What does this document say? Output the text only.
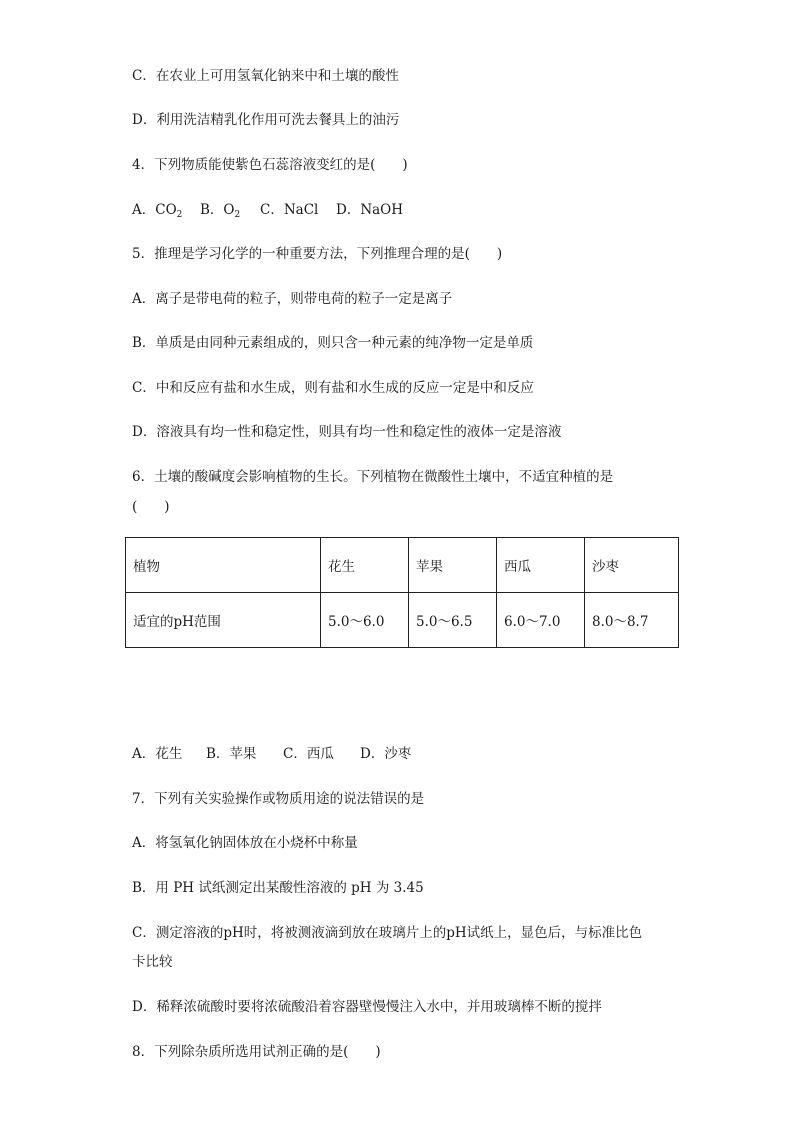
C．在农业上可用氢氧化钠来中和土壤的酸性
D．利用洗洁精乳化作用可洗去餐具上的油污
4．下列物质能使紫色石蕊溶液变红的是(　　)
A．$CO_2$ B．$O_2$ C．NaCl D．NaOH
5．推理是学习化学的一种重要方法，下列推理合理的是(　　)
A．离子是带电荷的粒子，则带电荷的粒子一定是离子
B．单质是由同种元素组成的，则只含一种元素的纯净物一定是单质
C．中和反应有盐和水生成，则有盐和水生成的反应一定是中和反应
D．溶液具有均一性和稳定性，则具有均一性和稳定性的液体一定是溶液
6．土壤的酸碱度会影响植物的生长。下列植物在微酸性土壤中，不适宜种植的是
(　　)
植物	花生	苹果	西瓜	沙枣
适宜的pH范围	5.0～6.0	5.0～6.5	6.0～7.0	8.0～8.7
A．花生 B．苹果 C．西瓜 D．沙枣
7．下列有关实验操作或物质用途的说法错误的是
A．将氢氧化钠固体放在小烧杯中称量
B．用 PH 试纸测定出某酸性溶液的 pH 为 3.45
C．测定溶液的pH时，将被测液滴到放在玻璃片上的pH试纸上，显色后，与标准比色
卡比较
D．稀释浓硫酸时要将浓硫酸沿着容器壁慢慢注入水中，并用玻璃棒不断的搅拌
8．下列除杂质所选用试剂正确的是(　　)
